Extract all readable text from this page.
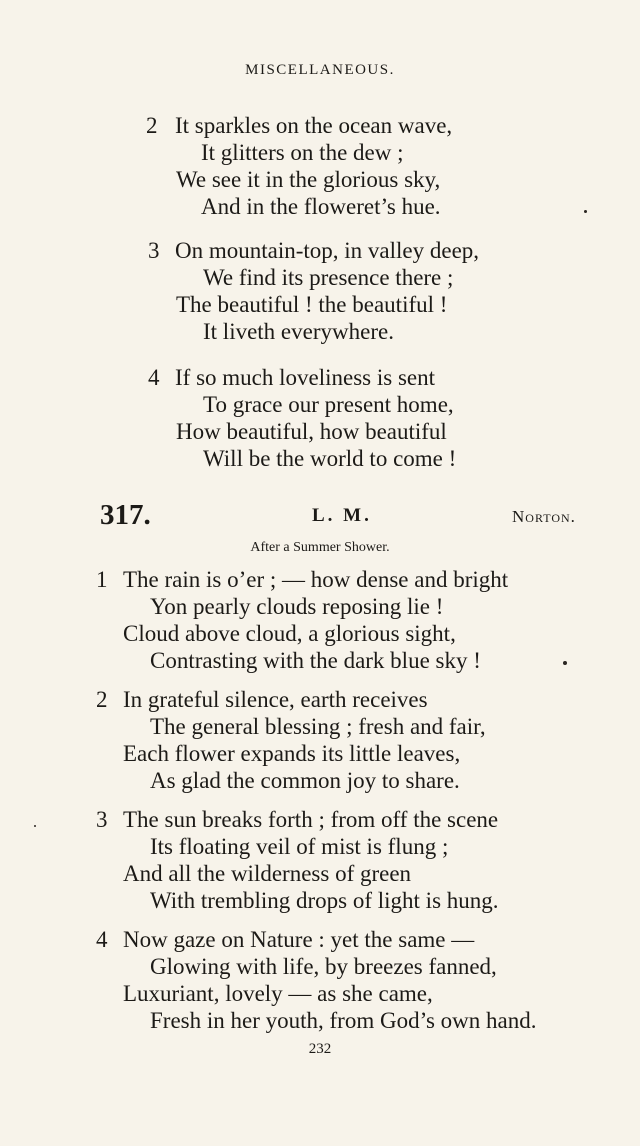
MISCELLANEOUS.
2 It sparkles on the ocean wave,
It glitters on the dew ;
We see it in the glorious sky,
And in the floweret’s hue.
3 On mountain-top, in valley deep,
We find its presence there ;
The beautiful ! the beautiful !
It liveth everywhere.
4 If so much loveliness is sent
To grace our present home,
How beautiful, how beautiful
Will be the world to come !
317.	L. M.	Norton.
After a Summer Shower.
1 The rain is o’er ; — how dense and bright
Yon pearly clouds reposing lie !
Cloud above cloud, a glorious sight,
Contrasting with the dark blue sky !
2 In grateful silence, earth receives
The general blessing ; fresh and fair,
Each flower expands its little leaves,
As glad the common joy to share.
3 The sun breaks forth ; from off the scene
Its floating veil of mist is flung ;
And all the wilderness of green
With trembling drops of light is hung.
4 Now gaze on Nature : yet the same —
Glowing with life, by breezes fanned,
Luxuriant, lovely — as she came,
Fresh in her youth, from God’s own hand.
232
